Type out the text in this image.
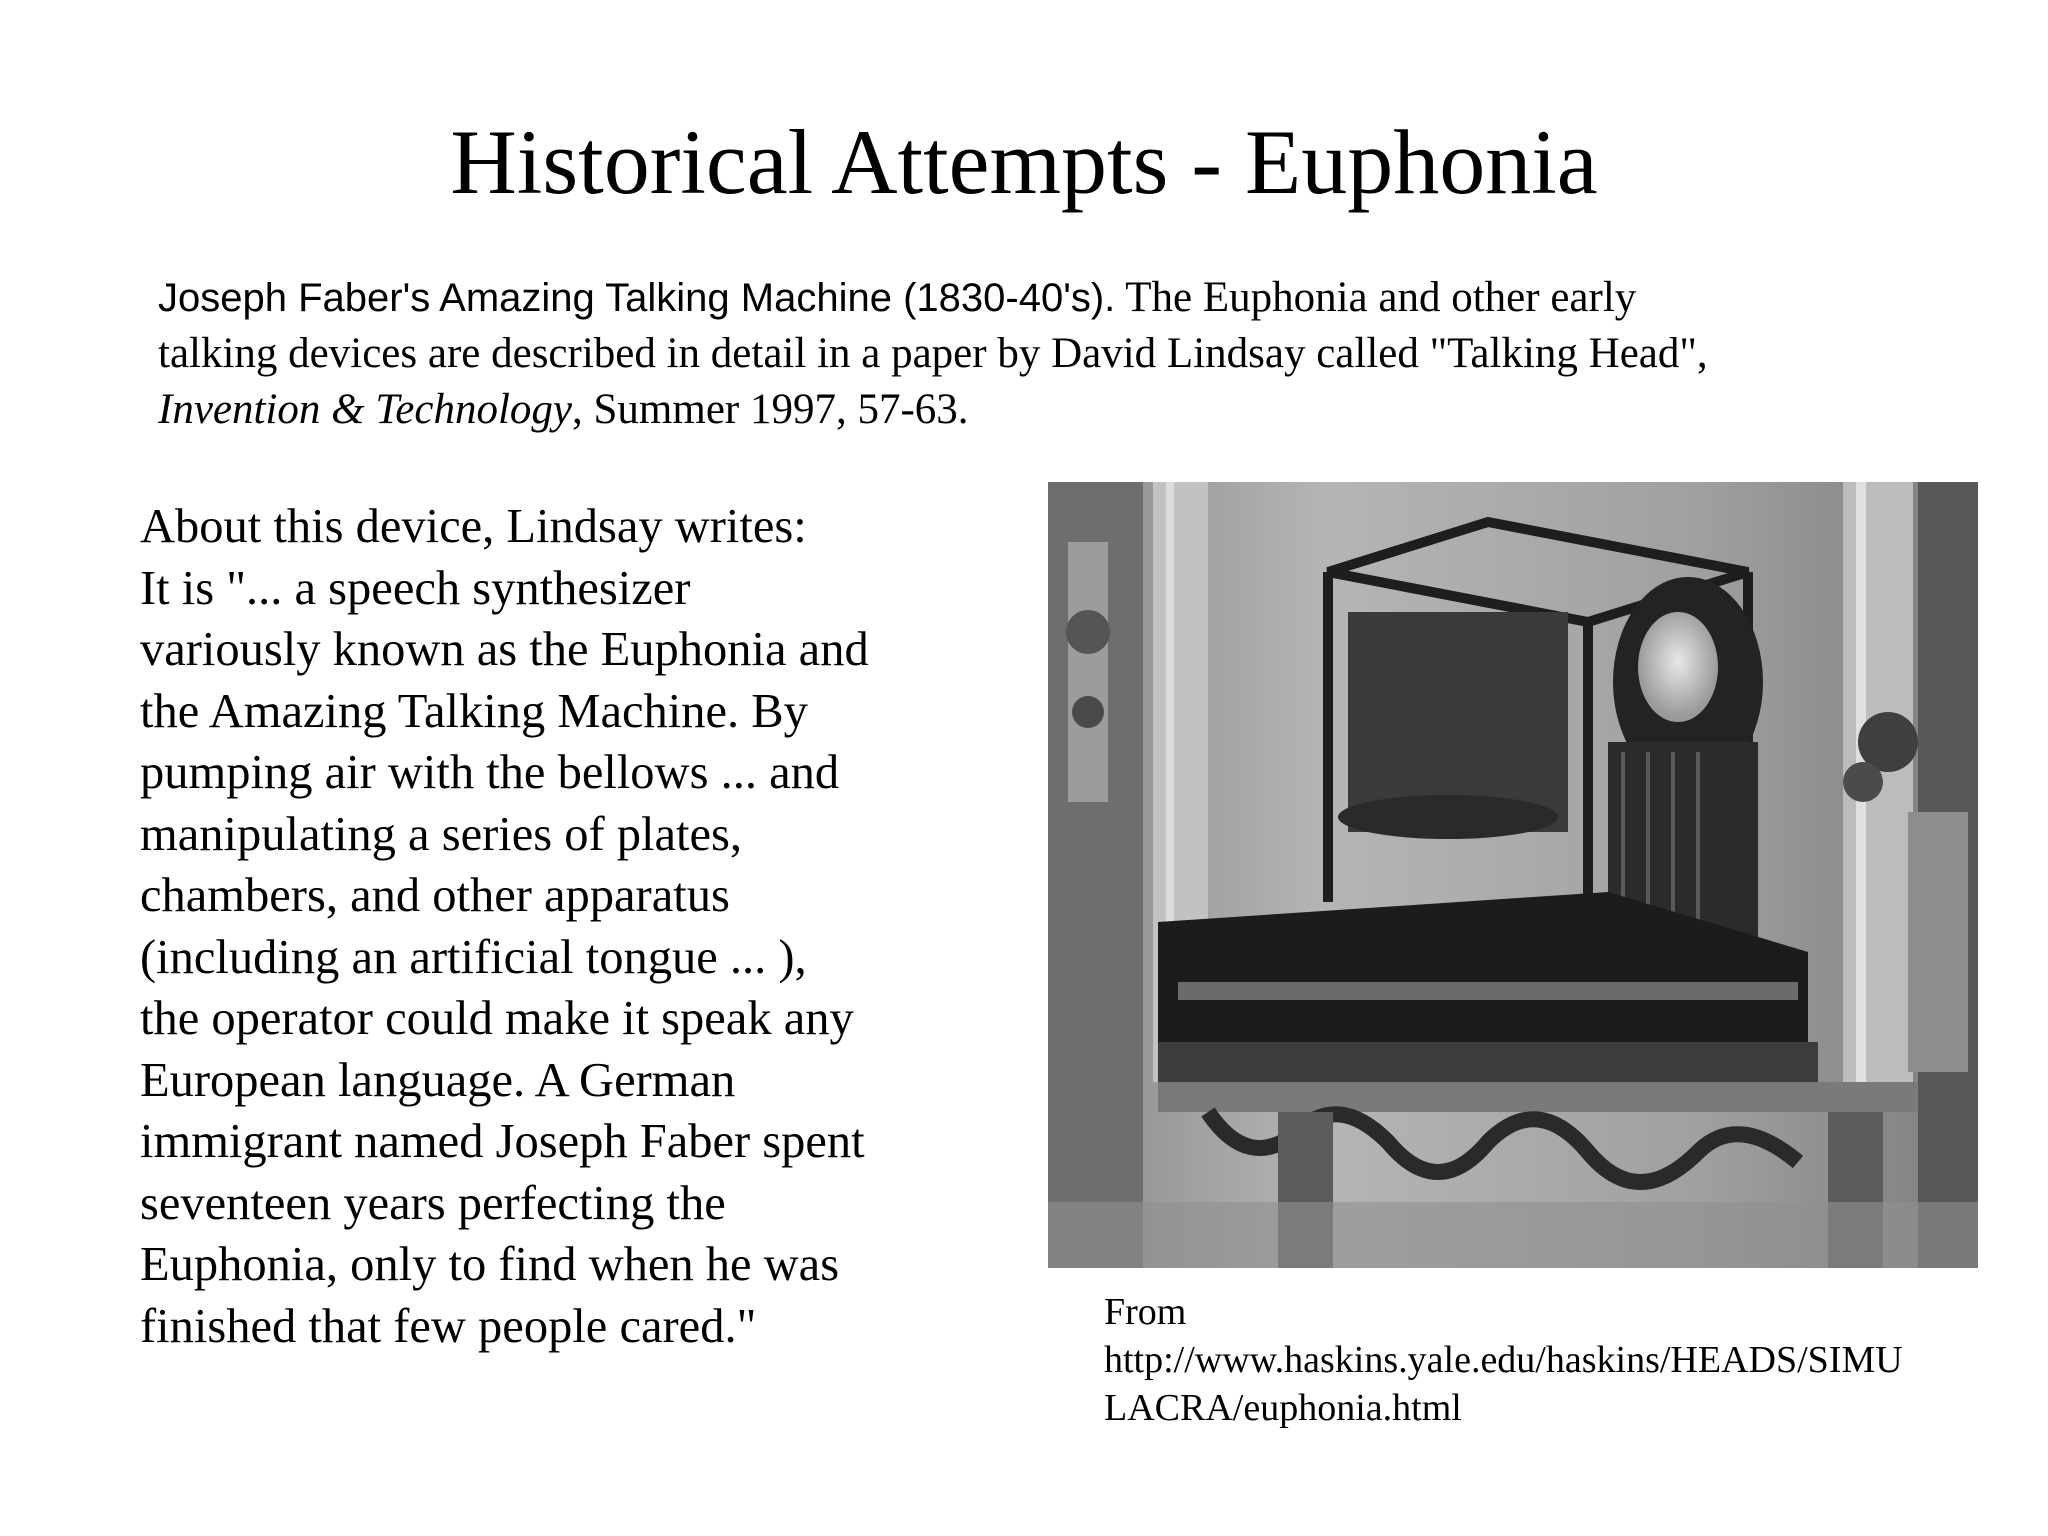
Historical Attempts - Euphonia
Joseph Faber's Amazing Talking Machine (1830-40's). The Euphonia and other early
talking devices are described in detail in a paper by David Lindsay called "Talking Head",
Invention & Technology, Summer 1997, 57-63.
About this device, Lindsay writes:
It is "... a speech synthesizer
variously known as the Euphonia and
the Amazing Talking Machine. By
pumping air with the bellows ... and
manipulating a series of plates,
chambers, and other apparatus
(including an artificial tongue ... ),
the operator could make it speak any
European language. A German
immigrant named Joseph Faber spent
seventeen years perfecting the
Euphonia, only to find when he was
finished that few people cared."	From
http://www.haskins.yale.edu/haskins/HEADS/SIMU
LACRA/euphonia.html
